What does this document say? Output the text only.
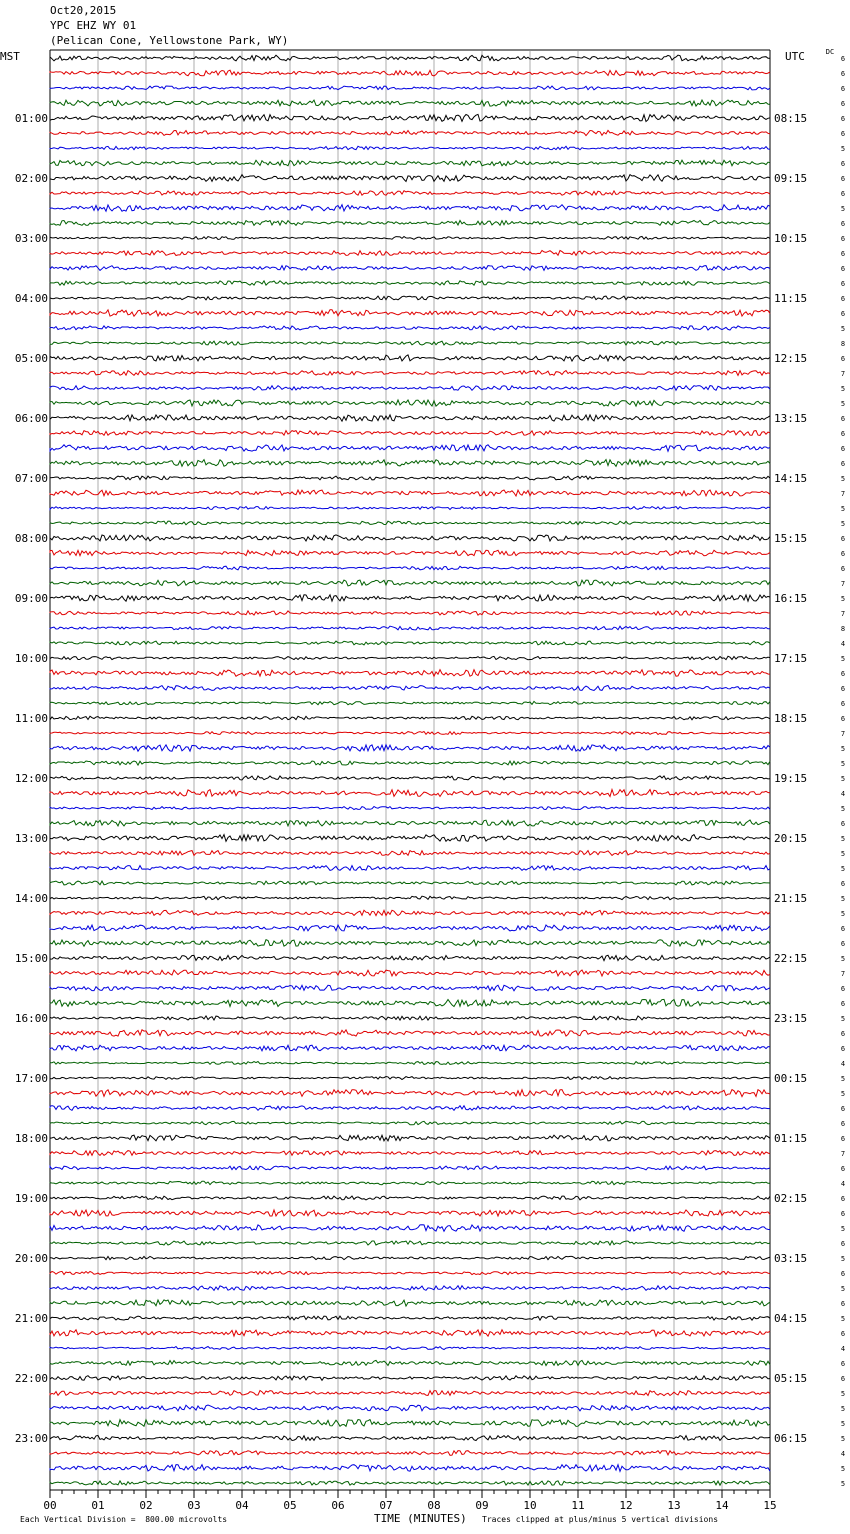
Oct20,2015
YPC EHZ WY 01
(Pelican Cone, Yellowstone Park, WY)
6
6
6
6
6
6
5
6
6
6
5
6
6
6
6
6
6
6
5
8
6
7
5
5
6
6
6
6
5
7
5
5
6
6
6
7
5
7
8
4
5
6
6
6
6
7
5
5
5
4
5
6
5
5
5
6
5
5
6
6
5
7
6
6
5
6
6
4
5
5
6
6
6
7
6
4
6
6
5
6
5
6
5
6
5
6
4
6
6
5
5
5
5
4
5
5
MST	UTC	DC
01:00	08:15
02:00	09:15
03:00	10:15
04:00	11:15
05:00	12:15
06:00	13:15
07:00	14:15
08:00	15:15
09:00	16:15
10:00	17:15
11:00	18:15
12:00	19:15
13:00	20:15
14:00	21:15
15:00	22:15
16:00	23:15
17:00	00:15
18:00	01:15
19:00	02:15
20:00	03:15
21:00	04:15
22:00	05:15
23:00	06:15
00	01	02	03	04	05	06	07	08	09	10	11	12	13	14	15
TIME (MINUTES)
Each Vertical Division =  800.00 microvolts	Traces clipped at plus/minus 5 vertical divisions
